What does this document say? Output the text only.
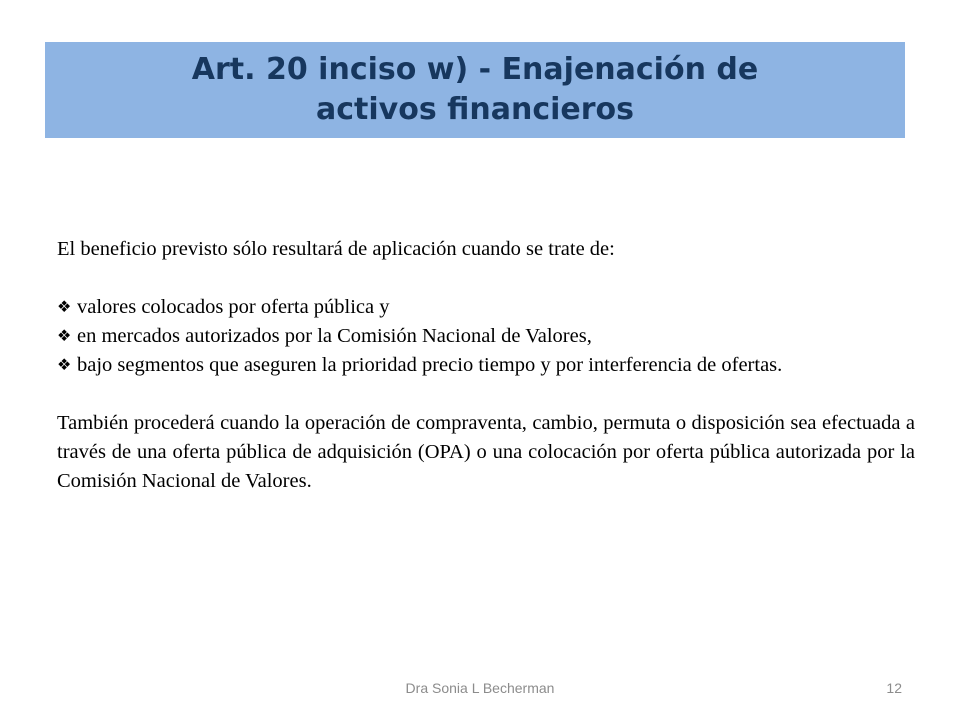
Art. 20 inciso w) - Enajenación de
activos financieros

El beneficio previsto sólo resultará de aplicación cuando se trate de:

❖ valores colocados por oferta pública y

❖ en mercados autorizados por la Comisión Nacional de Valores,

❖ bajo segmentos que aseguren la prioridad precio tiempo y por interferencia de ofertas.

También procederá cuando la operación de compraventa, cambio, permuta o disposición sea efectuada a través de una oferta pública de adquisición (OPA) o una colocación por oferta pública autorizada por la Comisión Nacional de Valores.

Dra Sonia L Becherman	12
